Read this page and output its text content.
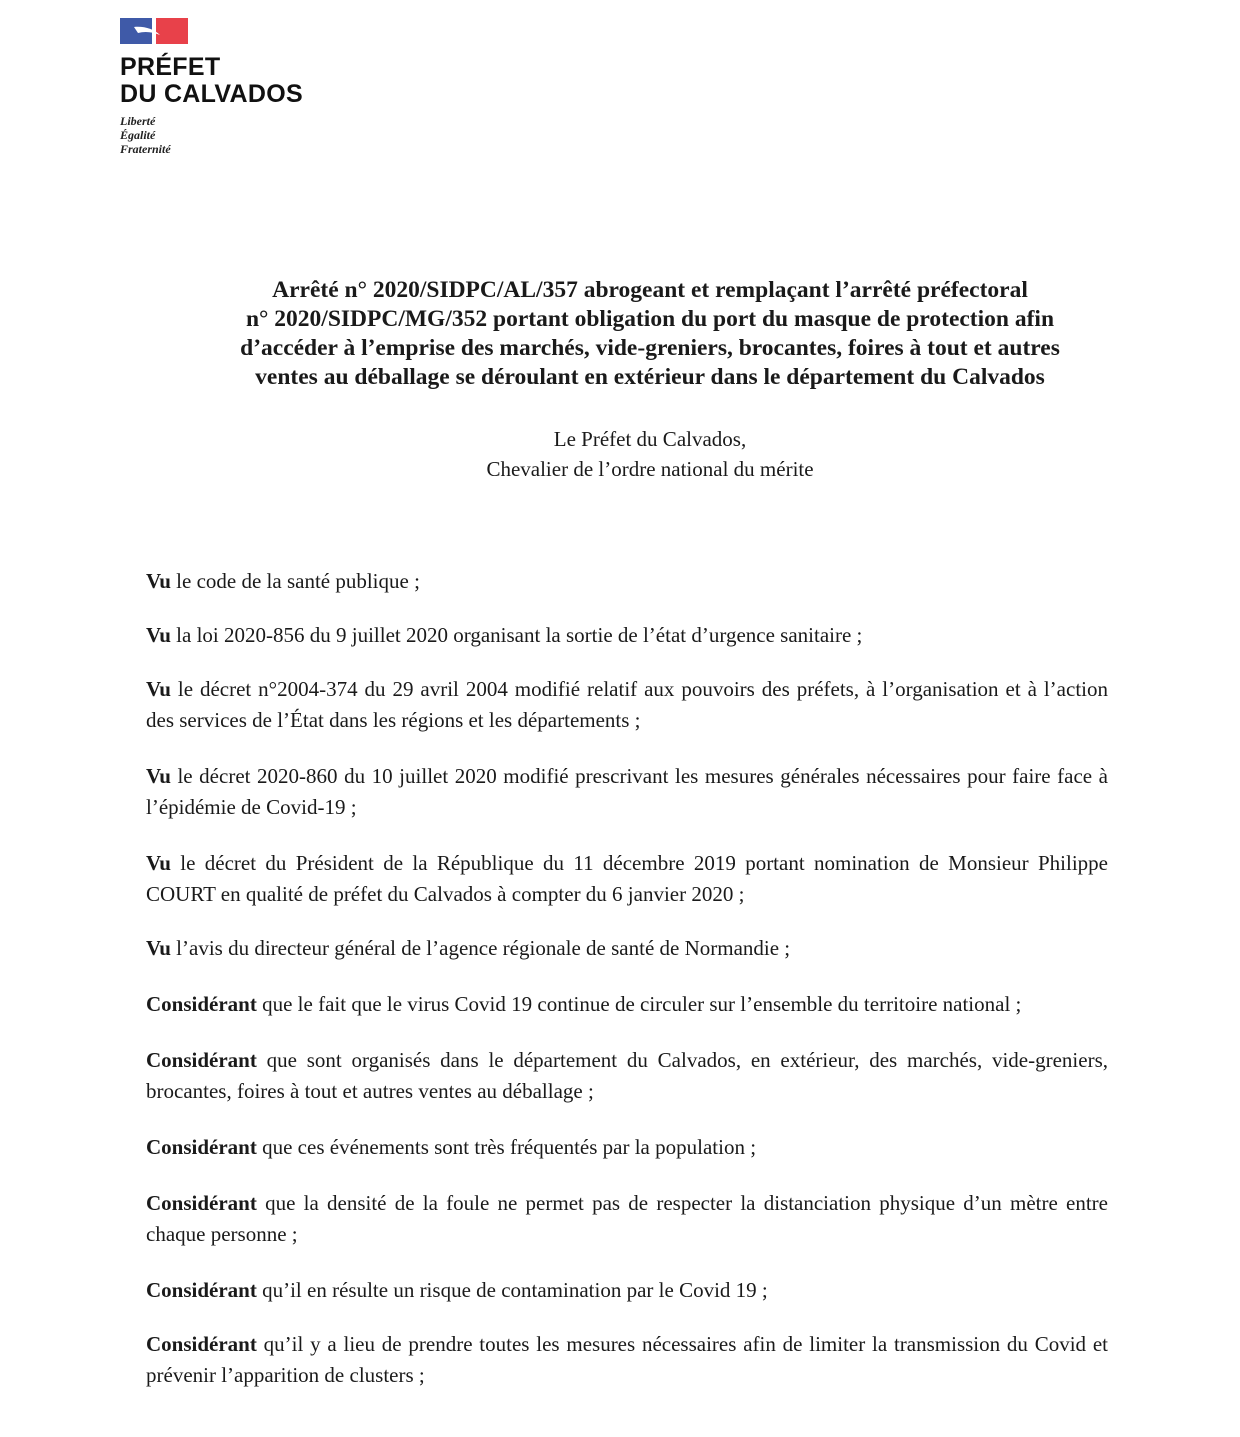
PRÉFET
DU CALVADOS
Liberté
Égalité
Fraternité
Arrêté n° 2020/SIDPC/AL/357 abrogeant et remplaçant l’arrêté préfectoral
n° 2020/SIDPC/MG/352 portant obligation du port du masque de protection afin
d’accéder à l’emprise des marchés, vide-greniers, brocantes, foires à tout et autres
ventes au déballage se déroulant en extérieur dans le département du Calvados
Le Préfet du Calvados,
Chevalier de l’ordre national du mérite

Vu le code de la santé publique ;

Vu la loi 2020-856 du 9 juillet 2020 organisant la sortie de l’état d’urgence sanitaire ;

Vu le décret n°2004-374 du 29 avril 2004 modifié relatif aux pouvoirs des préfets, à l’organisation et à l’action des services de l’État dans les régions et les départements ;

Vu le décret 2020-860 du 10 juillet 2020 modifié prescrivant les mesures générales nécessaires pour faire face à l’épidémie de Covid-19 ;

Vu le décret du Président de la République du 11 décembre 2019 portant nomination de Monsieur Philippe COURT en qualité de préfet du Calvados à compter du 6 janvier 2020 ;

Vu l’avis du directeur général de l’agence régionale de santé de Normandie ;

Considérant que le fait que le virus Covid 19 continue de circuler sur l’ensemble du territoire national ;

Considérant que sont organisés dans le département du Calvados, en extérieur, des marchés, vide-greniers, brocantes, foires à tout et autres ventes au déballage ;

Considérant que ces événements sont très fréquentés par la population ;

Considérant que la densité de la foule ne permet pas de respecter la distanciation physique d’un mètre entre chaque personne ;

Considérant qu’il en résulte un risque de contamination par le Covid 19 ;

Considérant qu’il y a lieu de prendre toutes les mesures nécessaires afin de limiter la transmission du Covid et prévenir l’apparition de clusters ;
